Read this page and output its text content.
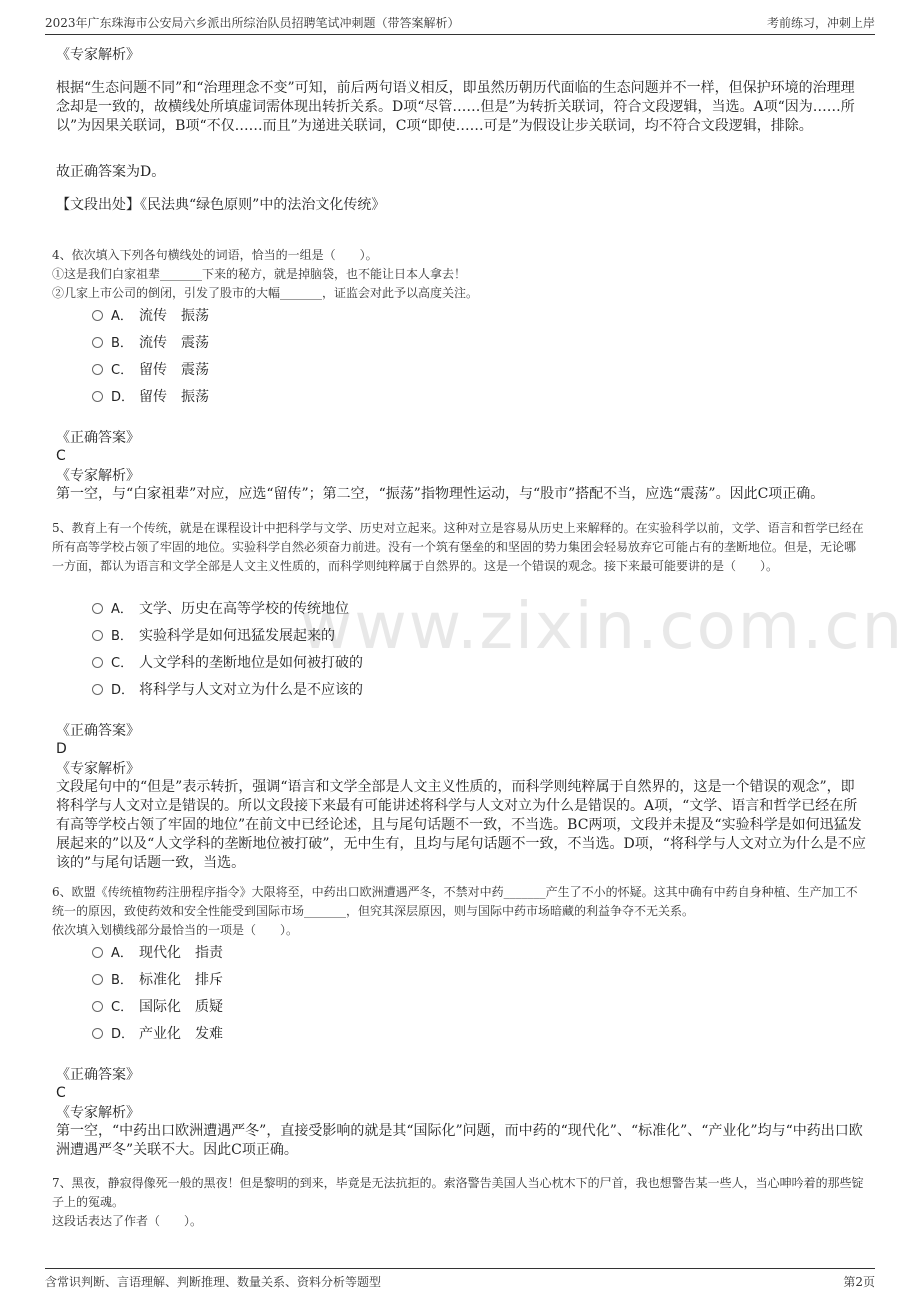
2023年广东珠海市公安局六乡派出所综治队员招聘笔试冲刺题（带答案解析）	考前练习，冲刺上岸
www.zixin.com.cn

《专家解析》

根据“生态问题不同”和“治理理念不变”可知，前后两句语义相反，即虽然历朝历代面临的生态问题并不一样，但保护环境的治理理念却是一致的，故横线处所填虚词需体现出转折关系。D项“尽管……但是”为转折关联词，符合文段逻辑，当选。A项“因为……所以”为因果关联词，B项“不仅……而且”为递进关联词，C项“即使……可是”为假设让步关联词，均不符合文段逻辑，排除。

故正确答案为D。

【文段出处】《民法典“绿色原则”中的法治文化传统》

4、依次填入下列各句横线处的词语，恰当的一组是（　　）。

①这是我们白家祖辈_______下来的秘方，就是掉脑袋，也不能让日本人拿去！

②几家上市公司的倒闭，引发了股市的大幅_______，证监会对此予以高度关注。

A． 流传　振荡
B． 流传　震荡
C． 留传　震荡
D． 留传　振荡

《正确答案》

C

《专家解析》

第一空，与“白家祖辈”对应，应选“留传”；第二空，“振荡”指物理性运动，与“股市”搭配不当，应选“震荡”。因此C项正确。

5、教育上有一个传统，就是在课程设计中把科学与文学、历史对立起来。这种对立是容易从历史上来解释的。在实验科学以前，文学、语言和哲学已经在所有高等学校占领了牢固的地位。实验科学自然必须奋力前进。没有一个筑有堡垒的和坚固的势力集团会轻易放弃它可能占有的垄断地位。但是，无论哪一方面，都认为语言和文学全部是人文主义性质的，而科学则纯粹属于自然界的。这是一个错误的观念。接下来最可能要讲的是（　　）。

A． 文学、历史在高等学校的传统地位
B． 实验科学是如何迅猛发展起来的
C． 人文学科的垄断地位是如何被打破的
D． 将科学与人文对立为什么是不应该的

《正确答案》

D

《专家解析》

文段尾句中的“但是”表示转折，强调“语言和文学全部是人文主义性质的，而科学则纯粹属于自然界的，这是一个错误的观念”，即将科学与人文对立是错误的。所以文段接下来最有可能讲述将科学与人文对立为什么是错误的。A项，“文学、语言和哲学已经在所有高等学校占领了牢固的地位”在前文中已经论述，且与尾句话题不一致，不当选。BC两项，文段并未提及“实验科学是如何迅猛发展起来的”以及“人文学科的垄断地位被打破”，无中生有，且均与尾句话题不一致，不当选。D项，“将科学与人文对立为什么是不应该的”与尾句话题一致，当选。

6、欧盟《传统植物药注册程序指令》大限将至，中药出口欧洲遭遇严冬，不禁对中药_______产生了不小的怀疑。这其中确有中药自身种植、生产加工不统一的原因，致使药效和安全性能受到国际市场_______，但究其深层原因，则与国际中药市场暗藏的利益争夺不无关系。

依次填入划横线部分最恰当的一项是（　　）。

A． 现代化　指责
B． 标准化　排斥
C． 国际化　质疑
D． 产业化　发难

《正确答案》

C

《专家解析》

第一空，“中药出口欧洲遭遇严冬”，直接受影响的就是其“国际化”问题，而中药的“现代化”、“标准化”、“产业化”均与“中药出口欧洲遭遇严冬”关联不大。因此C项正确。

7、黑夜，静寂得像死一般的黑夜！但是黎明的到来，毕竟是无法抗拒的。索洛警告美国人当心枕木下的尸首，我也想警告某一些人，当心呻吟着的那些锭子上的冤魂。

这段话表达了作者（　　）。

含常识判断、言语理解、判断推理、数量关系、资料分析等题型	第2页
